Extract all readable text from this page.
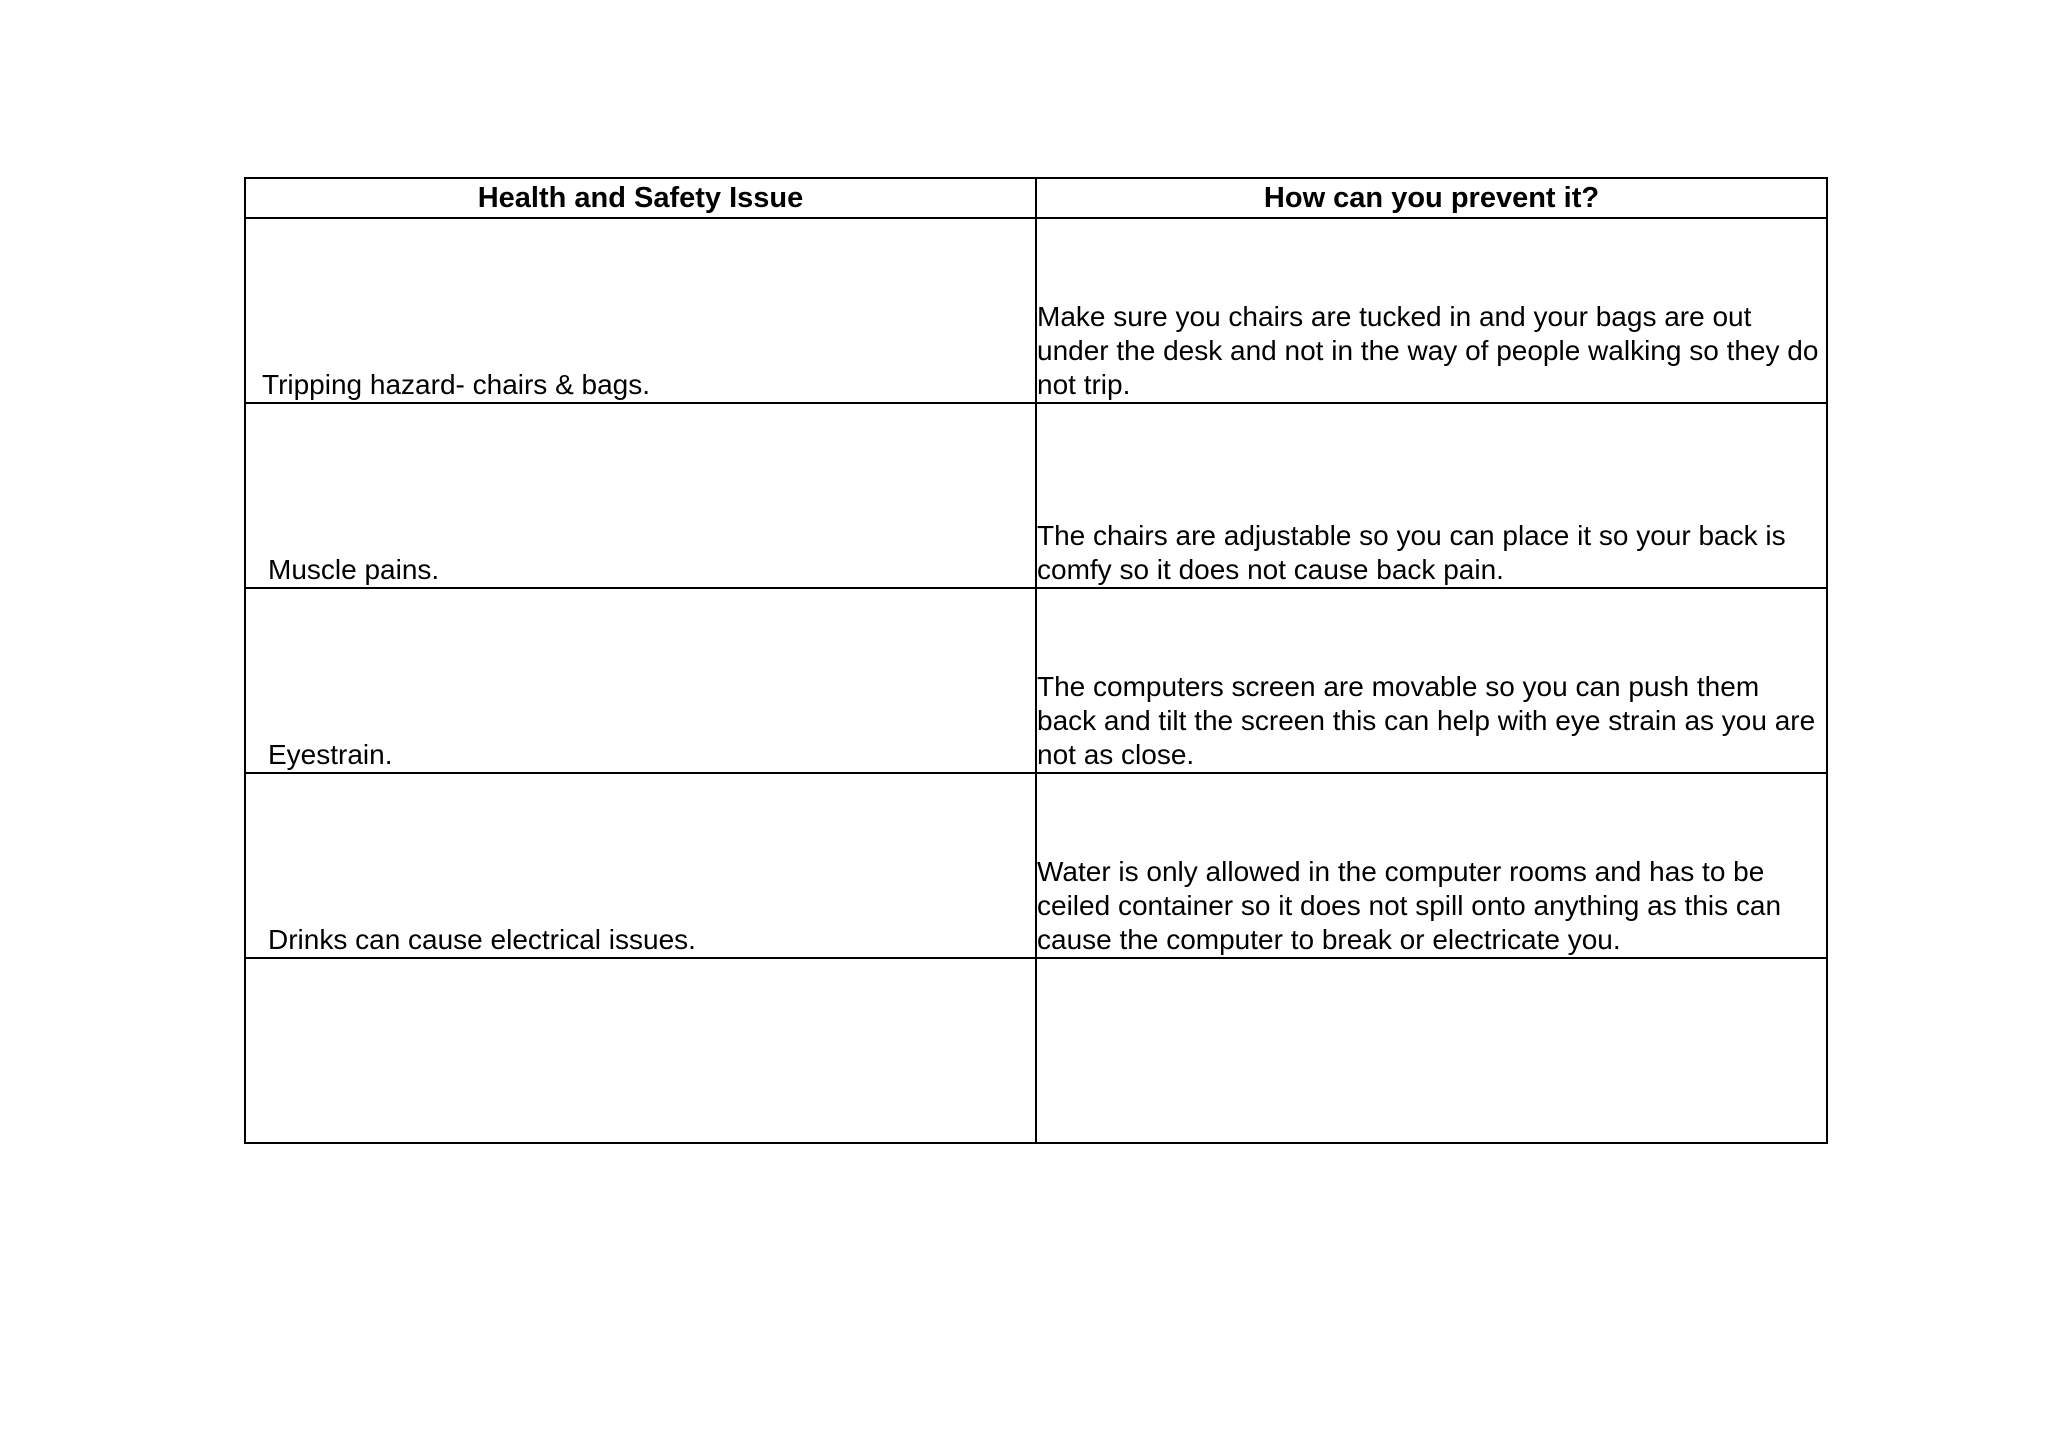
Health and Safety Issue	How can you prevent it?

Tripping hazard- chairs & bags.	Make sure you chairs are tucked in and your bags are out under the desk and not in the way of people walking so they do not trip.

Muscle pains.	The chairs are adjustable so you can place it so your back is comfy so it does not cause back pain.

Eyestrain.	The computers screen are movable so you can push them back and tilt the screen this can help with eye strain as you are not as close.

Drinks can cause electrical issues.	Water is only allowed in the computer rooms and has to be ceiled container so it does not spill onto anything as this can cause the computer to break or electricate you.
